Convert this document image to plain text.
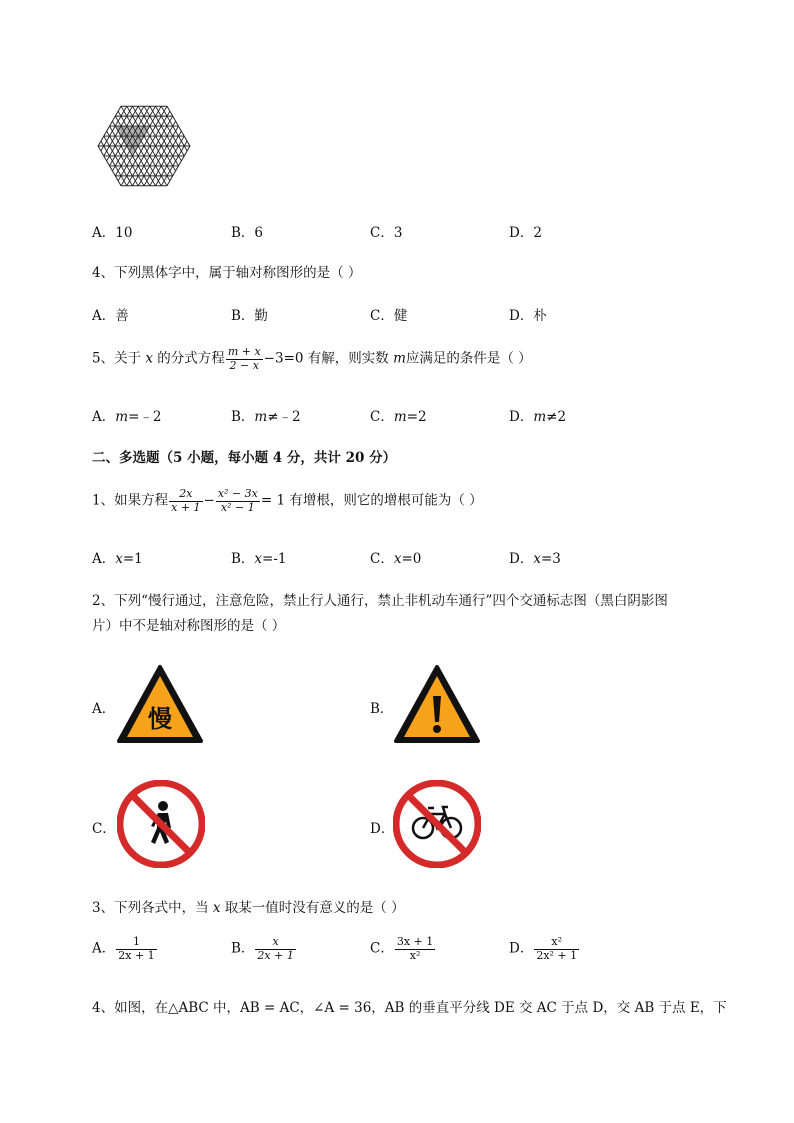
A．10	B．6	C．3	D．2
4、下列黑体字中，属于轴对称图形的是（ ）
A．善	B．勤	C．健	D．朴
5、关于 x 的分式方程 $\frac{m + x}{2 - x} -3=0$ 有解，则实数 m应满足的条件是（ ）
A．m=﹣2	B．m≠﹣2	C．m=2	D．m≠2
二、多选题（5 小题，每小题 4 分，共计 20 分）
1、如果方程 $\frac{2x}{x + 1} - \frac{\text{x² − 3x}}{\text{x² − 1}} = 1$ 有增根，则它的增根可能为（ ）
A．x=1	B．x=-1	C．x=0	D．x=3
2、下列“慢行通过，注意危险，禁止行人通行，禁止非机动车通行”四个交通标志图（黑白阴影图
片）中不是轴对称图形的是（ ）
A． 慢	B．
C．	D．
3、下列各式中，当 x 取某一值时没有意义的是（ ）
A． $\frac{1}{2x + 1}$	B． $\frac{x}{2x + 1}$	C． $\frac{3x + 1}{\text{x²}}$	D． $\frac{\text{x²}}{\text{2x² + 1}}$
4、如图，在△ABC 中，AB = AC，∠A = 36，AB 的垂直平分线 DE 交 AC 于点 D，交 AB 于点 E，下
